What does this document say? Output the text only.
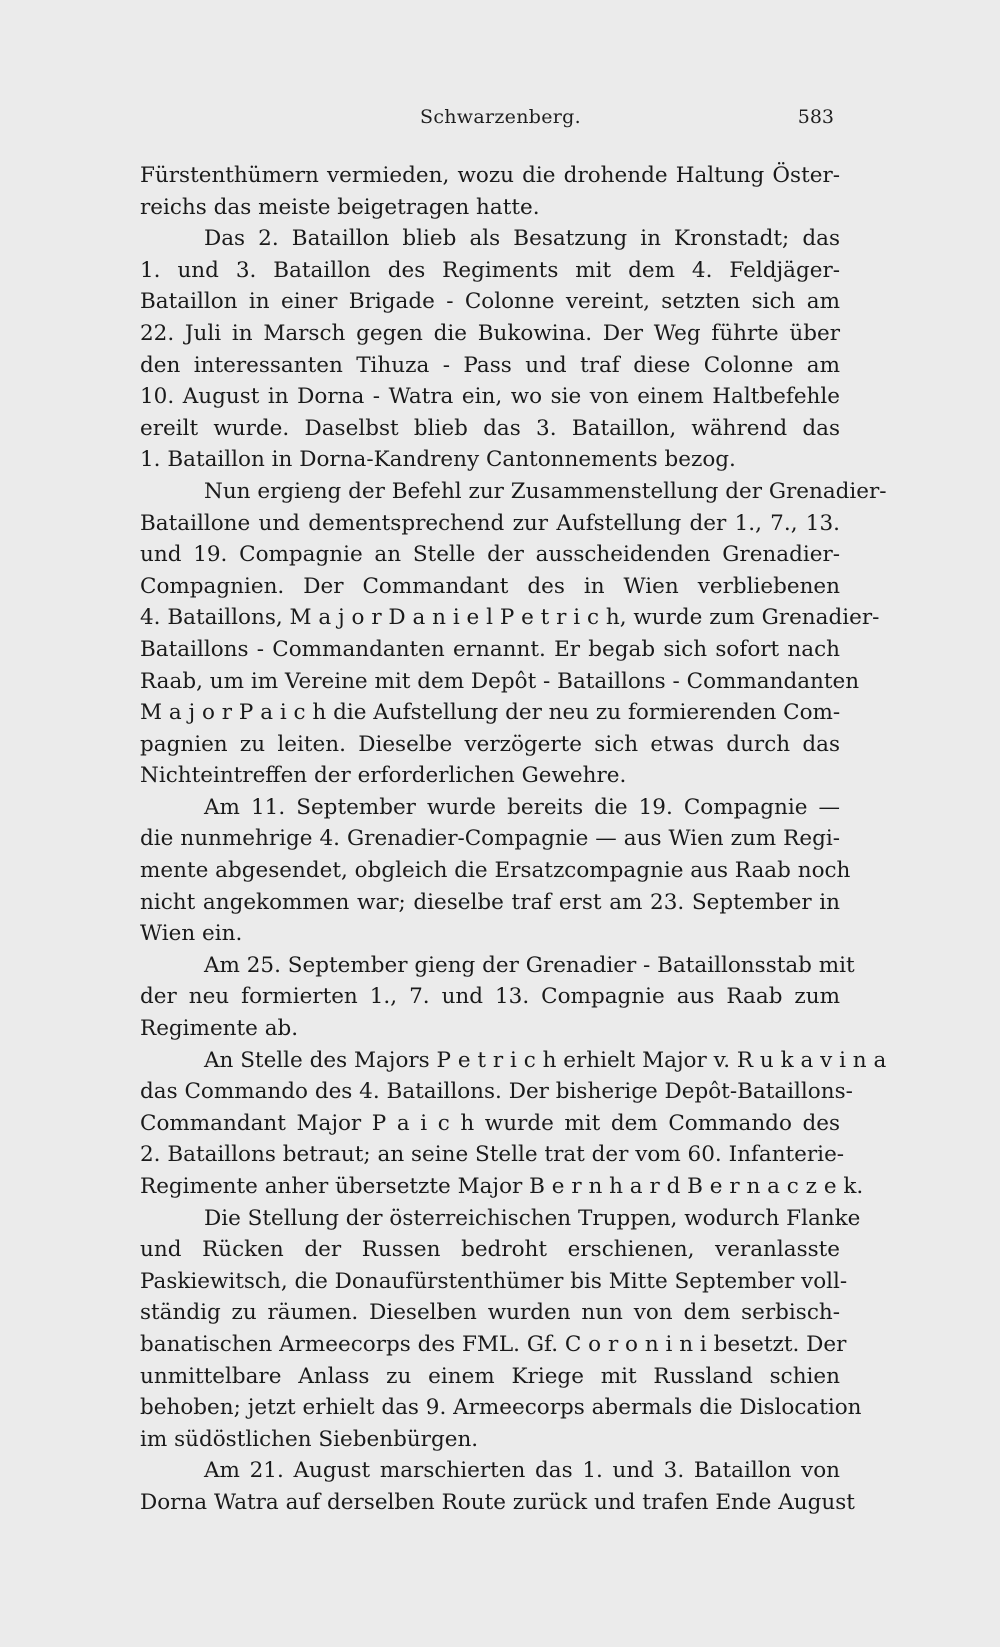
Schwarzenberg.	583
Fürstenthümern vermieden, wozu die drohende Haltung Öster-
reichs das meiste beigetragen hatte.
Das 2. Bataillon blieb als Besatzung in Kronstadt; das
1. und 3. Bataillon des Regiments mit dem 4. Feldjäger-
Bataillon in einer Brigade - Colonne vereint, setzten sich am
22. Juli in Marsch gegen die Bukowina. Der Weg führte über
den interessanten Tihuza - Pass und traf diese Colonne am
10. August in Dorna - Watra ein, wo sie von einem Haltbefehle
ereilt wurde. Daselbst blieb das 3. Bataillon, während das
1. Bataillon in Dorna-Kandreny Cantonnements bezog.
Nun ergieng der Befehl zur Zusammenstellung der Grenadier-
Bataillone und dementsprechend zur Aufstellung der 1., 7., 13.
und 19. Compagnie an Stelle der ausscheidenden Grenadier-
Compagnien. Der Commandant des in Wien verbliebenen
4. Bataillons, M a j o r D a n i e l P e t r i c h, wurde zum Grenadier-
Bataillons - Commandanten ernannt. Er begab sich sofort nach
Raab, um im Vereine mit dem Depôt - Bataillons - Commandanten
M a j o r P a i c h die Aufstellung der neu zu formierenden Com-
pagnien zu leiten. Dieselbe verzögerte sich etwas durch das
Nichteintreffen der erforderlichen Gewehre.
Am 11. September wurde bereits die 19. Compagnie —
die nunmehrige 4. Grenadier-Compagnie — aus Wien zum Regi-
mente abgesendet, obgleich die Ersatzcompagnie aus Raab noch
nicht angekommen war; dieselbe traf erst am 23. September in
Wien ein.
Am 25. September gieng der Grenadier - Bataillonsstab mit
der neu formierten 1., 7. und 13. Compagnie aus Raab zum
Regimente ab.
An Stelle des Majors P e t r i c h erhielt Major v. R u k a v i n a
das Commando des 4. Bataillons. Der bisherige Depôt-Bataillons-
Commandant Major P a i c h wurde mit dem Commando des
2. Bataillons betraut; an seine Stelle trat der vom 60. Infanterie-
Regimente anher übersetzte Major B e r n h a r d B e r n a c z e k.
Die Stellung der österreichischen Truppen, wodurch Flanke
und Rücken der Russen bedroht erschienen, veranlasste
Paskiewitsch, die Donaufürstenthümer bis Mitte September voll-
ständig zu räumen. Dieselben wurden nun von dem serbisch-
banatischen Armeecorps des FML. Gf. C o r o n i n i besetzt. Der
unmittelbare Anlass zu einem Kriege mit Russland schien
behoben; jetzt erhielt das 9. Armeecorps abermals die Dislocation
im südöstlichen Siebenbürgen.
Am 21. August marschierten das 1. und 3. Bataillon von
Dorna Watra auf derselben Route zurück und trafen Ende August
